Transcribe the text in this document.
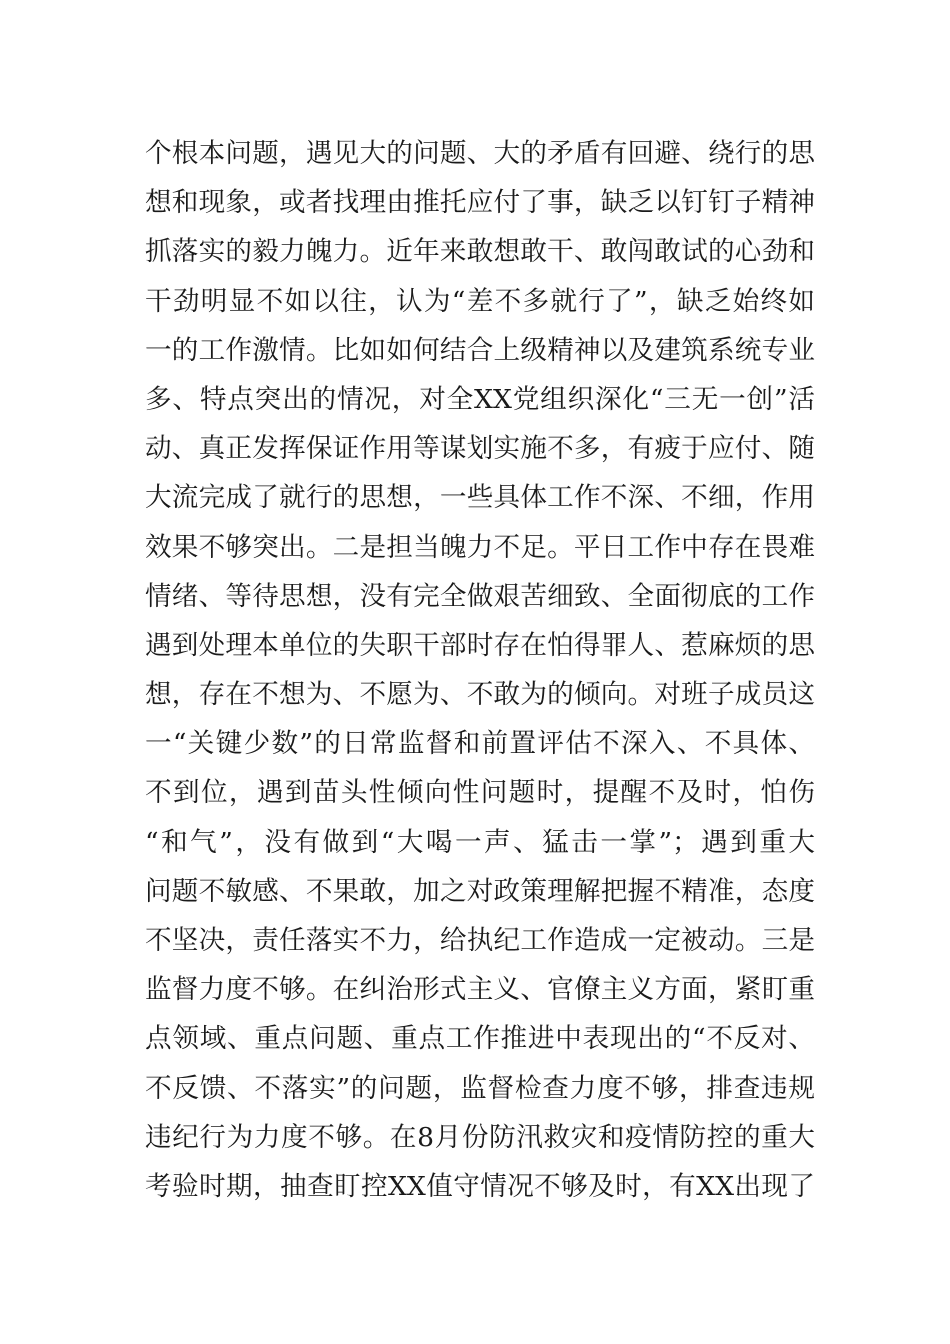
个根本问题，遇见大的问题、大的矛盾有回避、绕行的思
想和现象，或者找理由推托应付了事，缺乏以钉钉子精神
抓落实的毅力魄力。近年来敢想敢干、敢闯敢试的心劲和
干劲明显不如以往，认为“差不多就行了”，缺乏始终如
一的工作激情。比如如何结合上级精神以及建筑系统专业
多、特点突出的情况，对全XX党组织深化“三无一创”活
动、真正发挥保证作用等谋划实施不多，有疲于应付、随
大流完成了就行的思想，一些具体工作不深、不细，作用
效果不够突出。二是担当魄力不足。平日工作中存在畏难
情绪、等待思想，没有完全做艰苦细致、全面彻底的工作
遇到处理本单位的失职干部时存在怕得罪人、惹麻烦的思
想，存在不想为、不愿为、不敢为的倾向。对班子成员这
一“关键少数”的日常监督和前置评估不深入、不具体、
不到位，遇到苗头性倾向性问题时，提醒不及时，怕伤
“和气”，没有做到“大喝一声、猛击一掌”；遇到重大
问题不敏感、不果敢，加之对政策理解把握不精准，态度
不坚决，责任落实不力，给执纪工作造成一定被动。三是
监督力度不够。在纠治形式主义、官僚主义方面，紧盯重
点领域、重点问题、重点工作推进中表现出的“不反对、
不反馈、不落实”的问题，监督检查力度不够，排查违规
违纪行为力度不够。在8月份防汛救灾和疫情防控的重大
考验时期，抽查盯控XX值守情况不够及时，有XX出现了
